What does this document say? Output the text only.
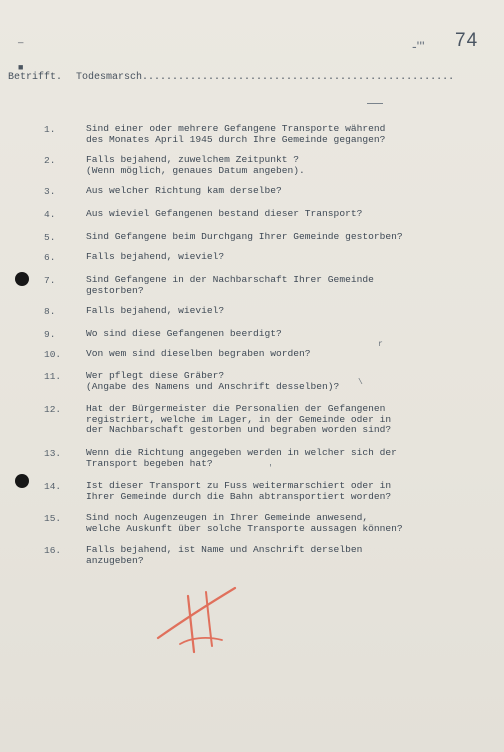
—
■
-''' 74
Betrifft. Todesmarsch....................................................
1.	Sind einer oder mehrere Gefangene Transporte während
des Monates April 1945 durch Ihre Gemeinde gegangen?
2.	Falls bejahend, zuwelchem Zeitpunkt ?
(Wenn möglich, genaues Datum angeben).
3.	Aus welcher Richtung kam derselbe?
4.	Aus wieviel Gefangenen bestand dieser Transport?
5.	Sind Gefangene beim Durchgang Ihrer Gemeinde gestorben?
6.	Falls bejahend, wieviel?
7.	Sind Gefangene in der Nachbarschaft Ihrer Gemeinde
gestorben?
8.	Falls bejahend, wieviel?
9.	Wo sind diese Gefangenen beerdigt?
10.	Von wem sind dieselben begraben worden?
11.	Wer pflegt diese Gräber?
(Angabe des Namens und Anschrift desselben)?
12.	Hat der Bürgermeister die Personalien der Gefangenen
registriert, welche im Lager, in der Gemeinde oder in
der Nachbarschaft gestorben und begraben worden sind?
13.	Wenn die Richtung angegeben werden in welcher sich der
Transport begeben hat?
14.	Ist dieser Transport zu Fuss weitermarschiert oder in
Ihrer Gemeinde durch die Bahn abtransportiert worden?
15.	Sind noch Augenzeugen in Ihrer Gemeinde anwesend,
welche Auskunft über solche Transporte aussagen können?
16.	Falls bejahend, ist Name und Anschrift derselben
anzugeben?
r
\
'
